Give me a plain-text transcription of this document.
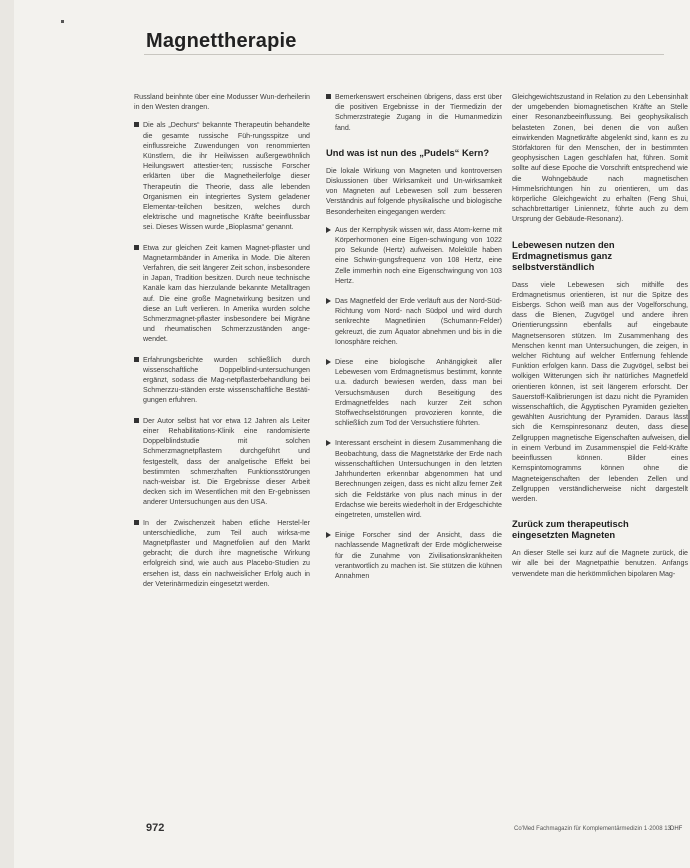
Magnettherapie

Russland beinhnte über eine Modusser Wun-derheilerin in den Westen drangen.

Die als „Dechurs“ bekannte Therapeutin behandelte die gesamte russische Füh-rungsspitze und einflussreiche Zuwendungen von renommierten Künstlern, die ihr Heilwissen außergewöhnlich Heilungswert attestier-ten; russische Forscher erklärten über die Magnetheilerfolge dieser Therapeutin die Theorie, dass alle lebenden Organismen ein integriertes System geladener Elementar-teilchen besitzen, welches durch elektrische und magnetische Kräfte beeinflussbar sei. Dieses Wissen wurde „Bioplasma“ genannt.
Etwa zur gleichen Zeit kamen Magnet-pflaster und Magnetarmbänder in Amerika in Mode. Die älteren Verfahren, die seit längerer Zeit schon, insbesondere in Japan, Tradition besitzen. Durch neue technische Kanäle kam das hierzulande bekannte Metalltragen auf. Die eine große Magnetwirkung besitzen und diese an Luft verlieren. In Amerika wurden solche Schmerzmagnet-pflaster insbesondere bei Migräne und rheumatischen Schmerzzuständen ange-wendet.
Erfahrungsberichte wurden schließlich durch wissenschaftliche Doppelblind-untersuchungen ergänzt, sodass die Mag-netpflasterbehandlung bei Schmerzzu-ständen erste wissenschaftliche Bestäti-gungen erfuhren.
Der Autor selbst hat vor etwa 12 Jahren als Leiter einer Rehabilitations-Klinik eine randomisierte Doppelblindstudie mit solchen Schmerzmagnetpflastern durchgeführt und festgestellt, dass der analgetische Effekt bei bestimmten schmerzhaften Funktionsstörungen nach-weisbar ist. Die Ergebnisse dieser Arbeit decken sich im Wesentlichen mit den Er-gebnissen anderer Untersuchungen aus den USA.
In der Zwischenzeit haben etliche Herstel-ler unterschiedliche, zum Teil auch wirksa-me Magnetpflaster und Magnetfolien auf den Markt gebracht; die durch ihre magnetische Wirkung erfolgreich sind, wie auch aus Placebo-Studien zu ersehen ist, dass ein nachweislicher Erfolg auch in der Veterinärmedizin eingesetzt werden.
Bemerkenswert erscheinen übrigens, dass erst über die positiven Ergebnisse in der Tiermedizin der Schmerzstrategie Zugang in die Humanmedizin fand.
Und was ist nun des „Pudels“ Kern?

Die lokale Wirkung von Magneten und kontroversen Diskussionen über Wirksamkeit und Un-wirksamkeit von Magneten auf Lebewesen soll zum besseren Verständnis auf folgende physikalische und biologische Besonderheiten eingegangen werden:

Aus der Kernphysik wissen wir, dass Atom-kerne mit Körperhormonen eine Eigen-schwingung von 1022 pro Sekunde (Hertz) aufweisen. Moleküle haben eine Schwin-gungsfrequenz von 108 Hertz, eine Zelle immerhin noch eine Eigenschwingung von 103 Hertz.
Das Magnetfeld der Erde verläuft aus der Nord-Süd-Richtung vom Nord- nach Südpol und wird durch senkrechte Magnetlinien (Schumann-Felder) gekreuzt, die zum Äquator abnehmen und bis in die Ionosphäre reichen.
Diese eine biologische Anhängigkeit aller Lebewesen vom Erdmagnetismus bestimmt, konnte u.a. dadurch bewiesen werden, dass man bei Versuchsmäusen durch Beseitigung des Erdmagnetfeldes nach kurzer Zeit schon Stoffwechselstörungen provozieren konnte, die schließlich zum Tod der Versuchstiere führten.
Interessant erscheint in diesem Zusammenhang die Beobachtung, dass die Magnetstärke der Erde nach wissenschaftlichen Untersuchungen in den letzten Jahrhunderten erkennbar abgenommen hat und Berechnungen zeigen, dass es nicht allzu ferner Zeit sich die Feldstärke von plus nach minus in der Erdachse wie bereits wiederholt in der Erdgeschichte eingetreten, umstellen wird.
Einige Forscher sind der Ansicht, dass die nachlassende Magnetkraft der Erde möglicherweise für die Zunahme von Zivilisationskrankheiten verantwortlich zu machen ist. Sie stützen die kühnen Annahmen

Gleichgewichtszustand in Relation zu den Lebensinhalt der umgebenden biomagnetischen Kräfte an Stelle einer Resonanzbeeinflussung. Bei geophysikalisch belasteten Zonen, bei denen die von außen einwirkenden Magnetkräfte abgelenkt sind, kann es zu Störfaktoren für den Menschen, der in bestimmten geophysischen Lagen geschlafen hat, führen. Somit sollte auf diese Epoche die Vorschrift entsprechend wie die Wohngebäude nach magnetischen Himmelsrichtungen hin zu orientieren, um das körperliche Gleichgewicht zu erhalten (Feng Shui, schachbrettartiger Liniennetz, führte auch zu dem Ursprung der Gebäude-Resonanz).

Lebewesen nutzen den Erdmagnetismus ganz selbstverständlich

Dass viele Lebewesen sich mithilfe des Erdmagnetismus orientieren, ist nur die Spitze des Eisbergs. Schon weiß man aus der Vogelforschung, dass die Bienen, Zugvögel und andere ihren Orientierungssinn ebenfalls auf eingebaute Magnetsensoren stützen. Im Zusammenhang des Menschen kennt man Untersuchungen, die zeigen, in welcher Richtung auf welcher Entfernung fehlende Funktion erfolgen kann. Dass die Zugvögel, selbst bei wolkigen Witterungen sich ihr natürliches Magnetfeld orientieren können, ist seit längerem erforscht. Der Sauerstoff-Kalibrierungen ist dazu nicht die Pyramiden wissenschaftlich, die Ägyptischen Pyramiden gezielten gewählten Ausrichtung der Pyramiden. Daraus lässt sich die Kernspinresonanz deuten, dass diese Zellgruppen magnetische Eigenschaften aufweisen, die in einem Verbund im Zusammenspiel die Feld-Kräfte beeinflussen können. Bilder eines Kernspintomogramms können ohne die Magneteigenschaften der lebenden Zellen und Zellgruppen verständlicherweise nicht dargestellt werden.

Zurück zum therapeutisch eingesetzten Magneten

An dieser Stelle sei kurz auf die Magnete zurück, die wir alle bei der Magnetpathie benutzen. Anfangs verwendete man die herkömmlichen bipolaren Mag-

972	Co'Med Fachmagazin für Komplementärmedizin 1·2008 13 DHF
